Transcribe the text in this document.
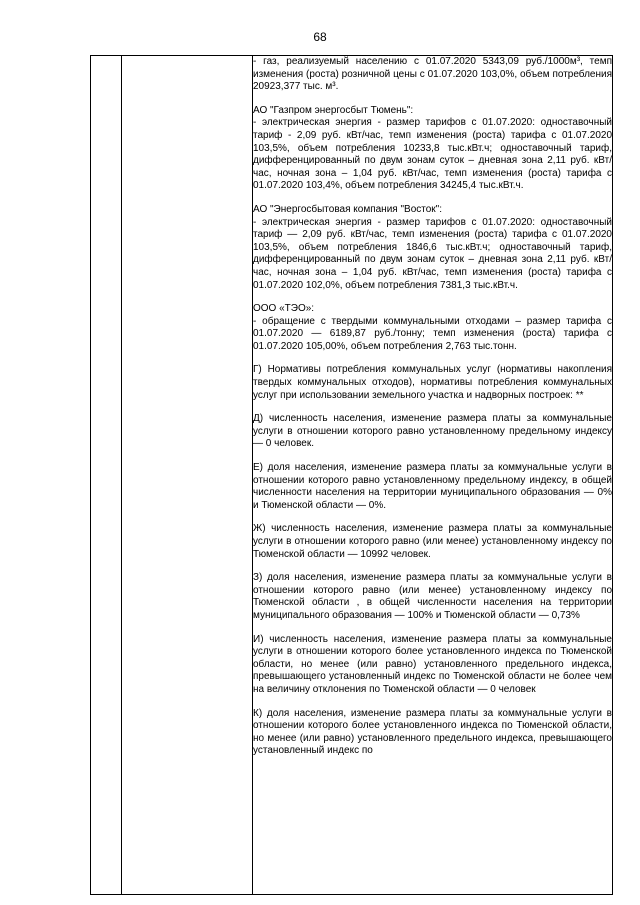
68

- газ, реализуемый населению с 01.07.2020 5343,09 руб./1000м³, темп изменения (роста) розничной цены с 01.07.2020 103,0%, объем потребления 20923,377 тыс. м³.

АО "Газпром энергосбыт Тюмень":

- электрическая энергия - размер тарифов с 01.07.2020: одноставочный тариф - 2,09 руб. кВт/час, темп изменения (роста) тарифа с 01.07.2020 103,5%, объем потребления 10233,8 тыс.кВт.ч; одноставочный тариф, дифференцированный по двум зонам суток – дневная зона 2,11 руб. кВт/час, ночная зона – 1,04 руб. кВт/час, темп изменения (роста) тарифа с 01.07.2020 103,4%, объем потребления 34245,4 тыс.кВт.ч.

АО "Энергосбытовая компания "Восток":

- электрическая энергия - размер тарифов с 01.07.2020: одноставочный тариф — 2,09 руб. кВт/час, темп изменения (роста) тарифа с 01.07.2020 103,5%, объем потребления 1846,6 тыс.кВт.ч; одноставочный тариф, дифференцированный по двум зонам суток – дневная зона 2,11 руб. кВт/час, ночная зона – 1,04 руб. кВт/час, темп изменения (роста) тарифа с 01.07.2020 102,0%, объем потребления 7381,3 тыс.кВт.ч.

ООО «ТЭО»:

- обращение с твердыми коммунальными отходами – размер тарифа с 01.07.2020 — 6189,87 руб./тонну; темп изменения (роста) тарифа с 01.07.2020 105,00%, объем потребления 2,763 тыс.тонн.

Г) Нормативы потребления коммунальных услуг (нормативы накопления твердых коммунальных отходов), нормативы потребления коммунальных услуг при использовании земельного участка и надворных построек: **

Д) численность населения, изменение размера платы за коммунальные услуги в отношении которого равно установленному предельному индексу — 0 человек.

Е) доля населения, изменение размера платы за коммунальные услуги в отношении которого равно установленному предельному индексу, в общей численности населения на территории муниципального образования — 0% и Тюменской области — 0%.

Ж) численность населения, изменение размера платы за коммунальные услуги в отношении которого равно (или менее) установленному индексу по Тюменской области — 10992 человек.

З) доля населения, изменение размера платы за коммунальные услуги в отношении которого равно (или менее) установленному индексу по Тюменской области , в общей численности населения на территории муниципального образования — 100% и Тюменской области — 0,73%

И) численность населения, изменение размера платы за коммунальные услуги в отношении которого более установленного индекса по Тюменской области, но менее (или равно) установленного предельного индекса, превышающего установленный индекс по Тюменской области не более чем на величину отклонения по Тюменской области — 0 человек

К) доля населения, изменение размера платы за коммунальные услуги в отношении которого более установленного индекса по Тюменской области, но менее (или равно) установленного предельного индекса, превышающего установленный индекс по
